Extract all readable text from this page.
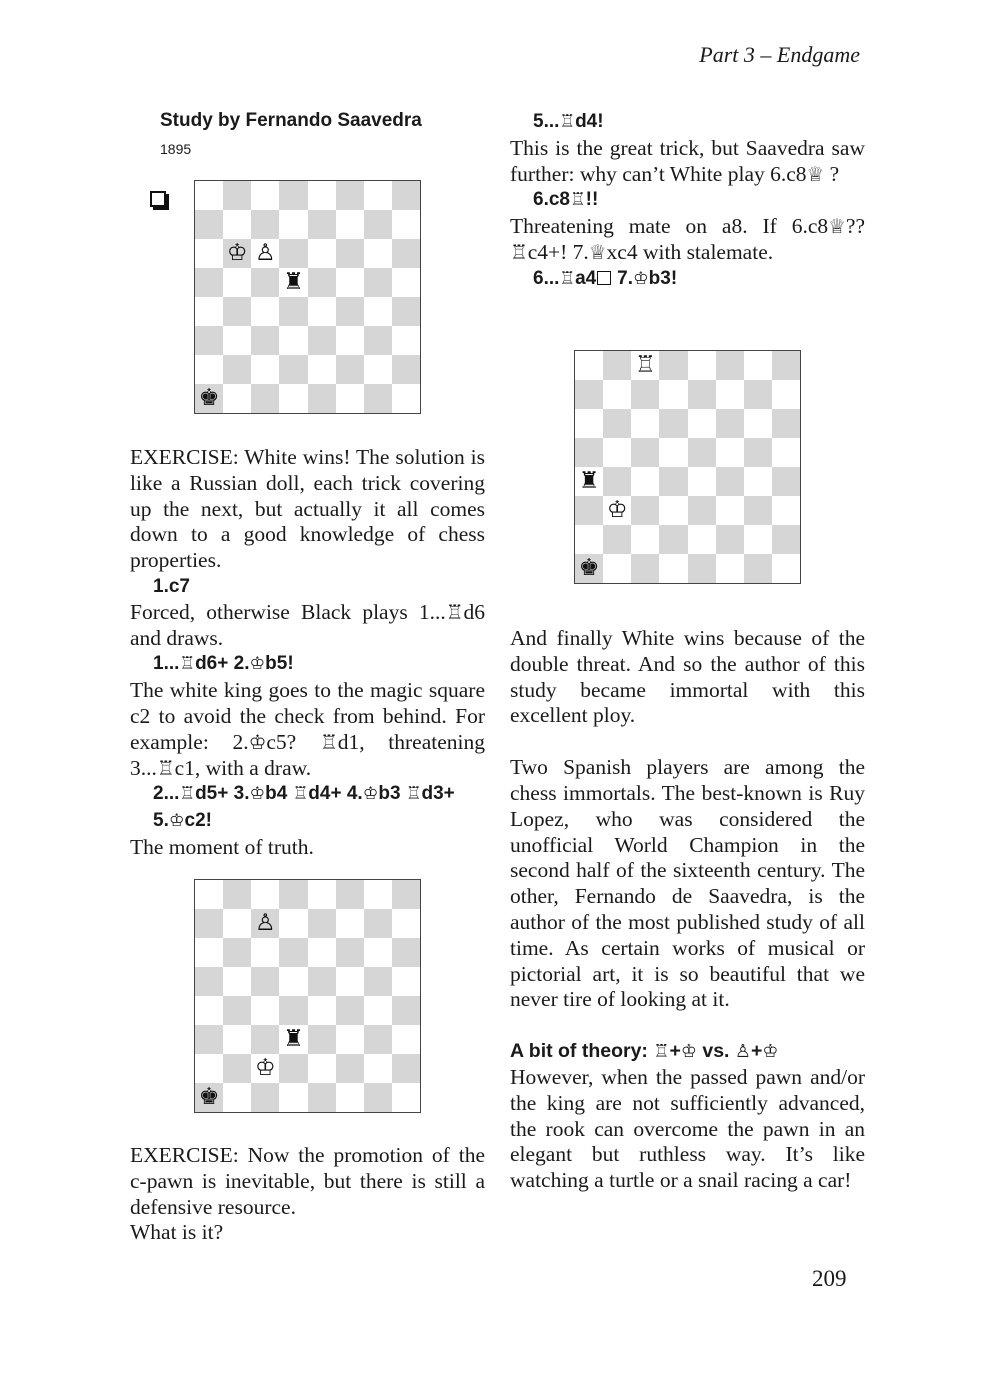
Part 3 – Endgame
Study by Fernando Saavedra
1895
♔ ♙
♜
♚
♙
♜
♔
♚
♖
♜
♔
♚

EXERCISE: White wins! The solution is like a Russian doll, each trick covering up the next, but actually it all comes down to a good knowledge of chess properties.

1.c7

Forced, otherwise Black plays 1...♖d6 and draws.

1...♖d6+ 2.♔b5!

The white king goes to the magic square c2 to avoid the check from behind. For example: 2.♔c5? ♖d1, threatening 3...♖c1, with a draw.

2...♖d5+ 3.♔b4 ♖d4+ 4.♔b3 ♖d3+ 5.♔c2!

The moment of truth.

EXERCISE: Now the promotion of the c-pawn is inevitable, but there is still a defensive resource.

What is it?

5...♖d4!

This is the great trick, but Saavedra saw further: why can’t White play 6.c8♕ ?

6.c8♖!!

Threatening mate on a8. If 6.c8♕?? ♖c4+! 7.♕xc4 with stalemate.

6...♖a4 7.♔b3!

And finally White wins because of the double threat. And so the author of this study became immortal with this excellent ploy.

Two Spanish players are among the chess immortals. The best-known is Ruy Lopez, who was considered the unofficial World Champion in the second half of the sixteenth century. The other, Fernando de Saavedra, is the author of the most published study of all time. As certain works of musical or pictorial art, it is so beautiful that we never tire of looking at it.

A bit of theory: ♖+♔ vs. ♙+♔

However, when the passed pawn and/or the king are not sufficiently advanced, the rook can overcome the pawn in an elegant but ruthless way. It’s like watching a turtle or a snail racing a car!

209
